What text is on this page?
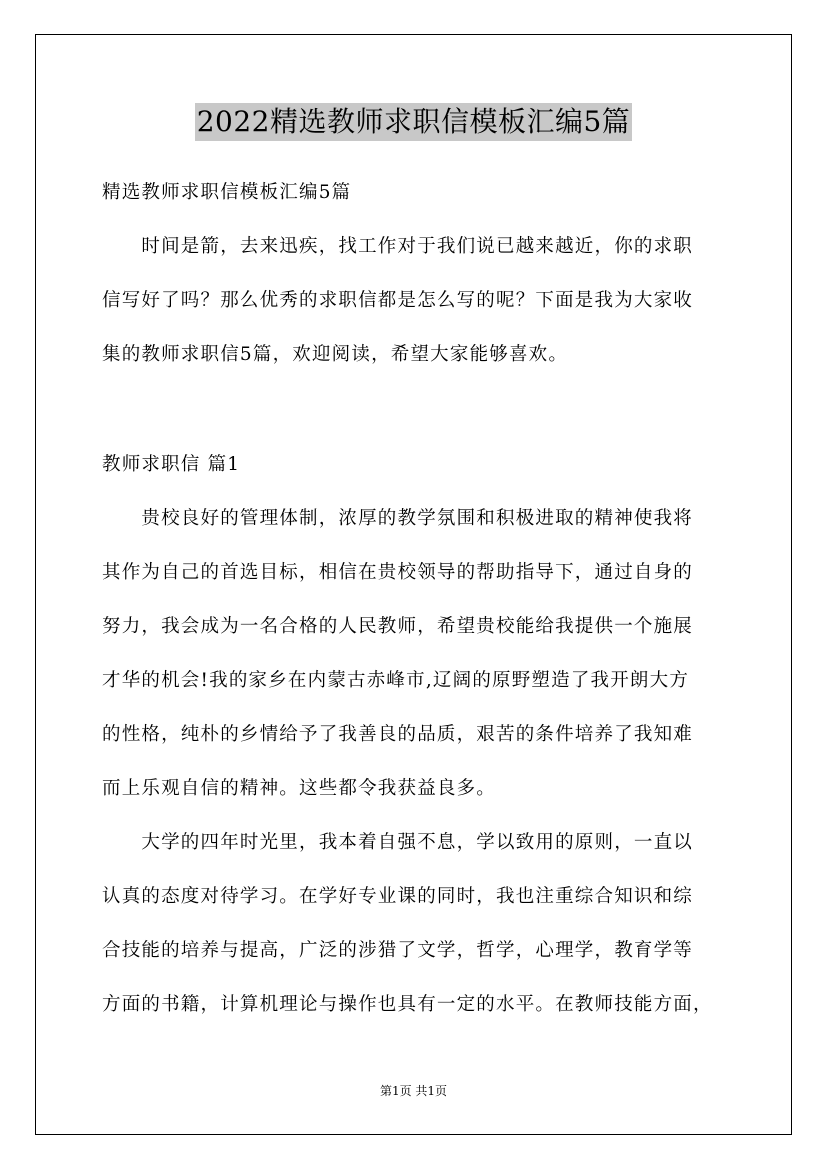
2022精选教师求职信模板汇编5篇
精选教师求职信模板汇编5篇
　　时间是箭，去来迅疾，找工作对于我们说已越来越近，你的求职
信写好了吗？那么优秀的求职信都是怎么写的呢？下面是我为大家收
集的教师求职信5篇，欢迎阅读，希望大家能够喜欢。
教师求职信 篇1
　　贵校良好的管理体制，浓厚的教学氛围和积极进取的精神使我将
其作为自己的首选目标，相信在贵校领导的帮助指导下，通过自身的
努力，我会成为一名合格的人民教师，希望贵校能给我提供一个施展
才华的机会!我的家乡在内蒙古赤峰市,辽阔的原野塑造了我开朗大方
的性格，纯朴的乡情给予了我善良的品质，艰苦的条件培养了我知难
而上乐观自信的精神。这些都令我获益良多。
　　大学的四年时光里，我本着自强不息，学以致用的原则，一直以
认真的态度对待学习。在学好专业课的同时，我也注重综合知识和综
合技能的培养与提高，广泛的涉猎了文学，哲学，心理学，教育学等
方面的书籍，计算机理论与操作也具有一定的水平。在教师技能方面，
第1页 共1页
